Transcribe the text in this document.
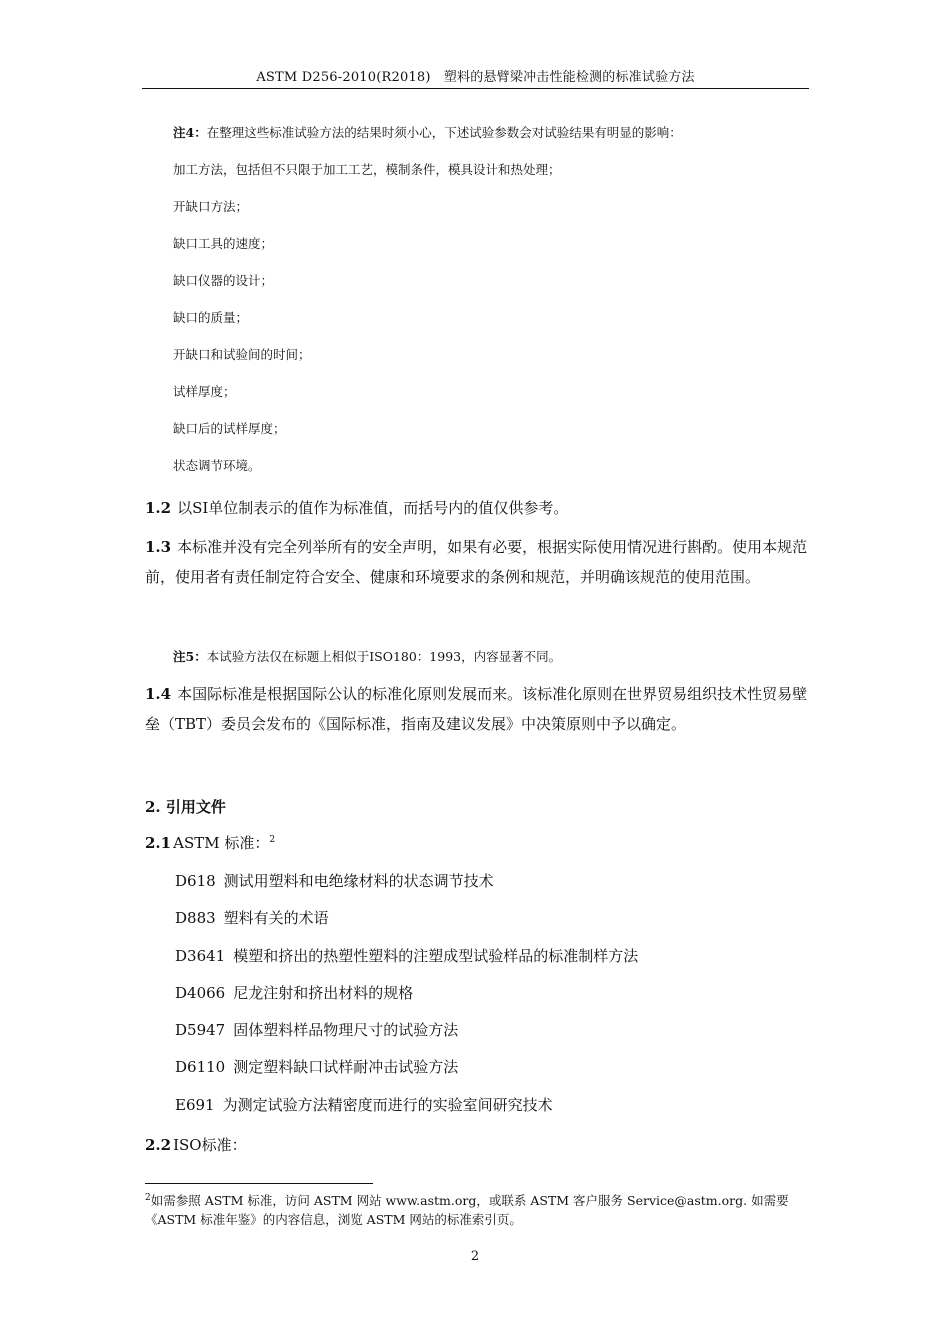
ASTM D256-2010(R2018)　塑料的悬臂梁冲击性能检测的标准试验方法
注4：在整理这些标准试验方法的结果时须小心，下述试验参数会对试验结果有明显的影响：
加工方法，包括但不只限于加工工艺，模制条件，模具设计和热处理；
开缺口方法；
缺口工具的速度；
缺口仪器的设计；
缺口的质量；
开缺口和试验间的时间；
试样厚度；
缺口后的试样厚度；
状态调节环境。
1.2 以SI单位制表示的值作为标准值，而括号内的值仅供参考。
1.3 本标准并没有完全列举所有的安全声明，如果有必要，根据实际使用情况进行斟酌。使用本规范前，使用者有责任制定符合安全、健康和环境要求的条例和规范，并明确该规范的使用范围。
注5：本试验方法仅在标题上相似于ISO180：1993，内容显著不同。
1.4 本国际标准是根据国际公认的标准化原则发展而来。该标准化原则在世界贸易组织技术性贸易壁垒（TBT）委员会发布的《国际标准，指南及建议发展》中决策原则中予以确定。
2. 引用文件
2.1 ASTM 标准：$^2$
D618 测试用塑料和电绝缘材料的状态调节技术
D883 塑料有关的术语
D3641 模塑和挤出的热塑性塑料的注塑成型试验样品的标准制样方法
D4066 尼龙注射和挤出材料的规格
D5947 固体塑料样品物理尺寸的试验方法
D6110 测定塑料缺口试样耐冲击试验方法
E691 为测定试验方法精密度而进行的实验室间研究技术
2.2 ISO标准：
$^2$如需参照 ASTM 标准，访问 ASTM 网站 www.astm.org，或联系 ASTM 客户服务 Service@astm.org. 如需要《ASTM 标准年鉴》的内容信息，浏览 ASTM 网站的标准索引页。
2
